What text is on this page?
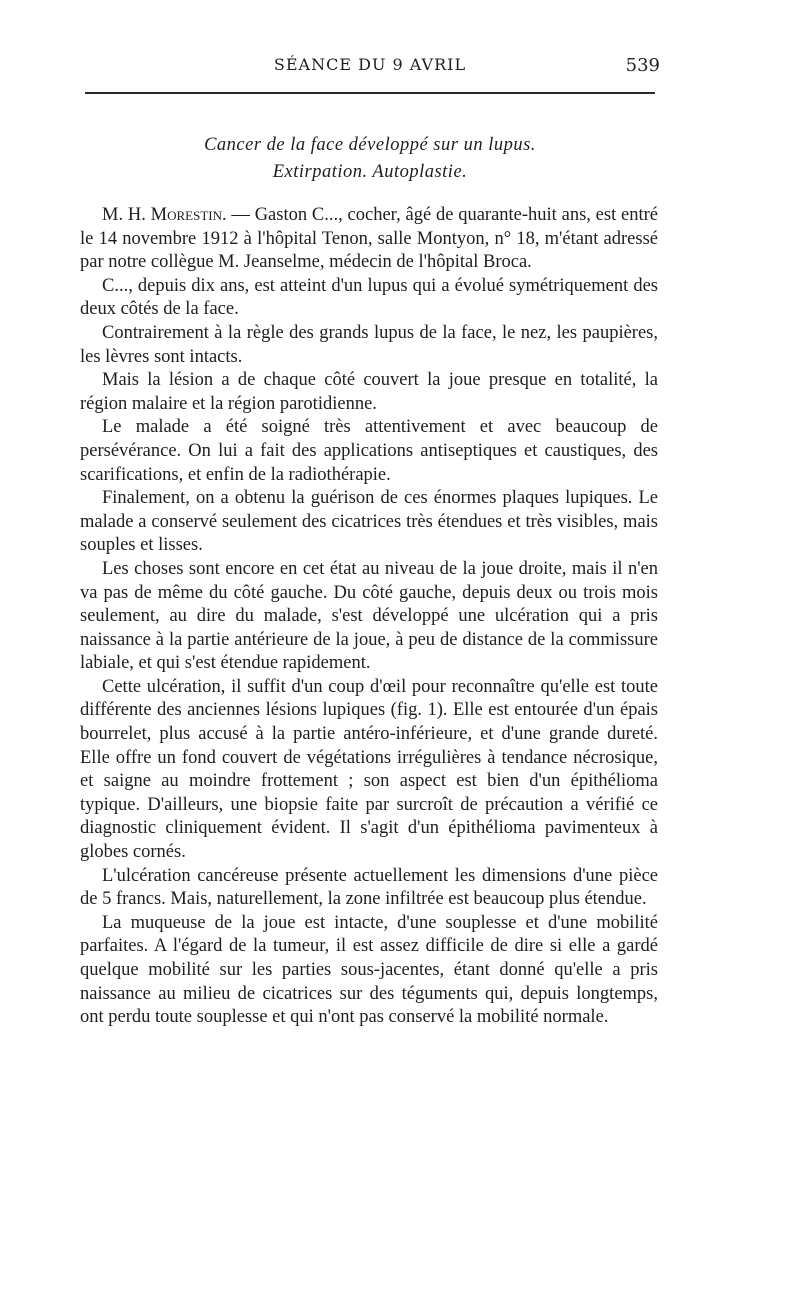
SÉANCE DU 9 AVRIL	539
Cancer de la face développé sur un lupus.
Extirpation. Autoplastie.

M. H. Morestin. — Gaston C..., cocher, âgé de quarante-huit ans, est entré le 14 novembre 1912 à l'hôpital Tenon, salle Montyon, n° 18, m'étant adressé par notre collègue M. Jeanselme, médecin de l'hôpital Broca.

C..., depuis dix ans, est atteint d'un lupus qui a évolué symétriquement des deux côtés de la face.

Contrairement à la règle des grands lupus de la face, le nez, les paupières, les lèvres sont intacts.

Mais la lésion a de chaque côté couvert la joue presque en totalité, la région malaire et la région parotidienne.

Le malade a été soigné très attentivement et avec beaucoup de persévérance. On lui a fait des applications antiseptiques et caustiques, des scarifications, et enfin de la radiothérapie.

Finalement, on a obtenu la guérison de ces énormes plaques lupiques. Le malade a conservé seulement des cicatrices très étendues et très visibles, mais souples et lisses.

Les choses sont encore en cet état au niveau de la joue droite, mais il n'en va pas de même du côté gauche. Du côté gauche, depuis deux ou trois mois seulement, au dire du malade, s'est développé une ulcération qui a pris naissance à la partie antérieure de la joue, à peu de distance de la commissure labiale, et qui s'est étendue rapidement.

Cette ulcération, il suffit d'un coup d'œil pour reconnaître qu'elle est toute différente des anciennes lésions lupiques (fig. 1). Elle est entourée d'un épais bourrelet, plus accusé à la partie antéro-inférieure, et d'une grande dureté. Elle offre un fond couvert de végétations irrégulières à tendance nécrosique, et saigne au moindre frottement ; son aspect est bien d'un épithélioma typique. D'ailleurs, une biopsie faite par surcroît de précaution a vérifié ce diagnostic cliniquement évident. Il s'agit d'un épithélioma pavimenteux à globes cornés.

L'ulcération cancéreuse présente actuellement les dimensions d'une pièce de 5 francs. Mais, naturellement, la zone infiltrée est beaucoup plus étendue.

La muqueuse de la joue est intacte, d'une souplesse et d'une mobilité parfaites. A l'égard de la tumeur, il est assez difficile de dire si elle a gardé quelque mobilité sur les parties sous-jacentes, étant donné qu'elle a pris naissance au milieu de cicatrices sur des téguments qui, depuis longtemps, ont perdu toute souplesse et qui n'ont pas conservé la mobilité normale.
